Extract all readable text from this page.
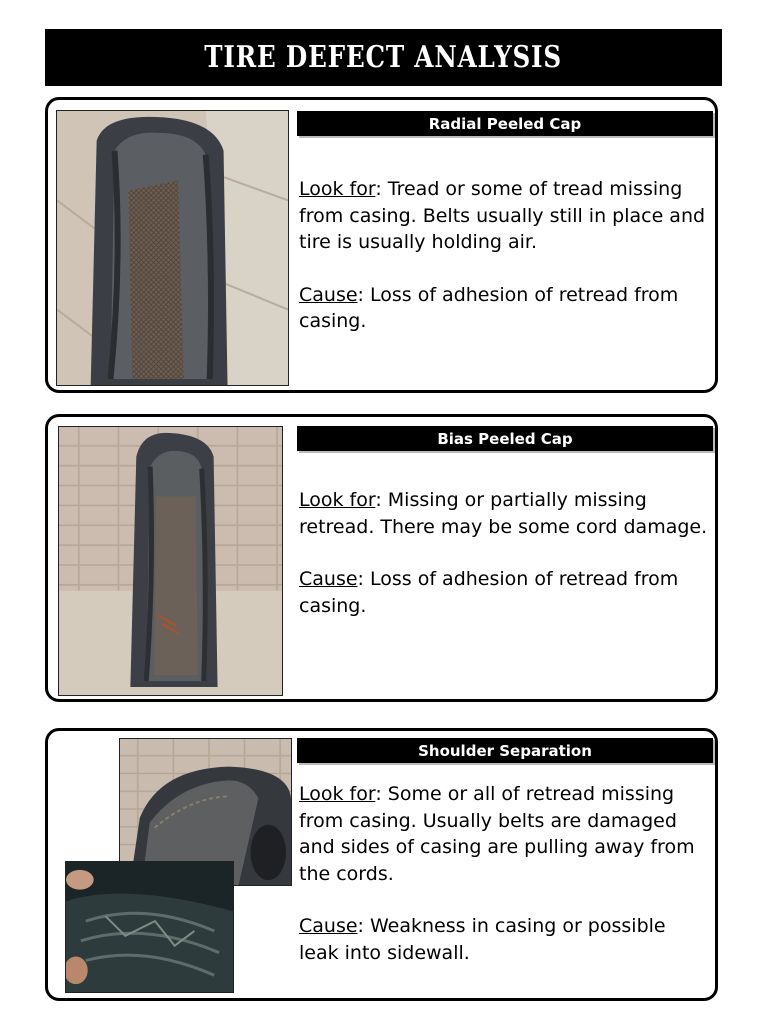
TIRE DEFECT ANALYSIS
Radial Peeled Cap

Look for: Tread or some of tread missing from casing. Belts usually still in place and tire is usually holding air.

Cause: Loss of adhesion of retread from casing.

Bias Peeled Cap

Look for: Missing or partially missing retread. There may be some cord damage.

Cause: Loss of adhesion of retread from casing.

Shoulder Separation

Look for: Some or all of retread missing from casing. Usually belts are damaged and sides of casing are pulling away from the cords.

Cause: Weakness in casing or possible leak into sidewall.
